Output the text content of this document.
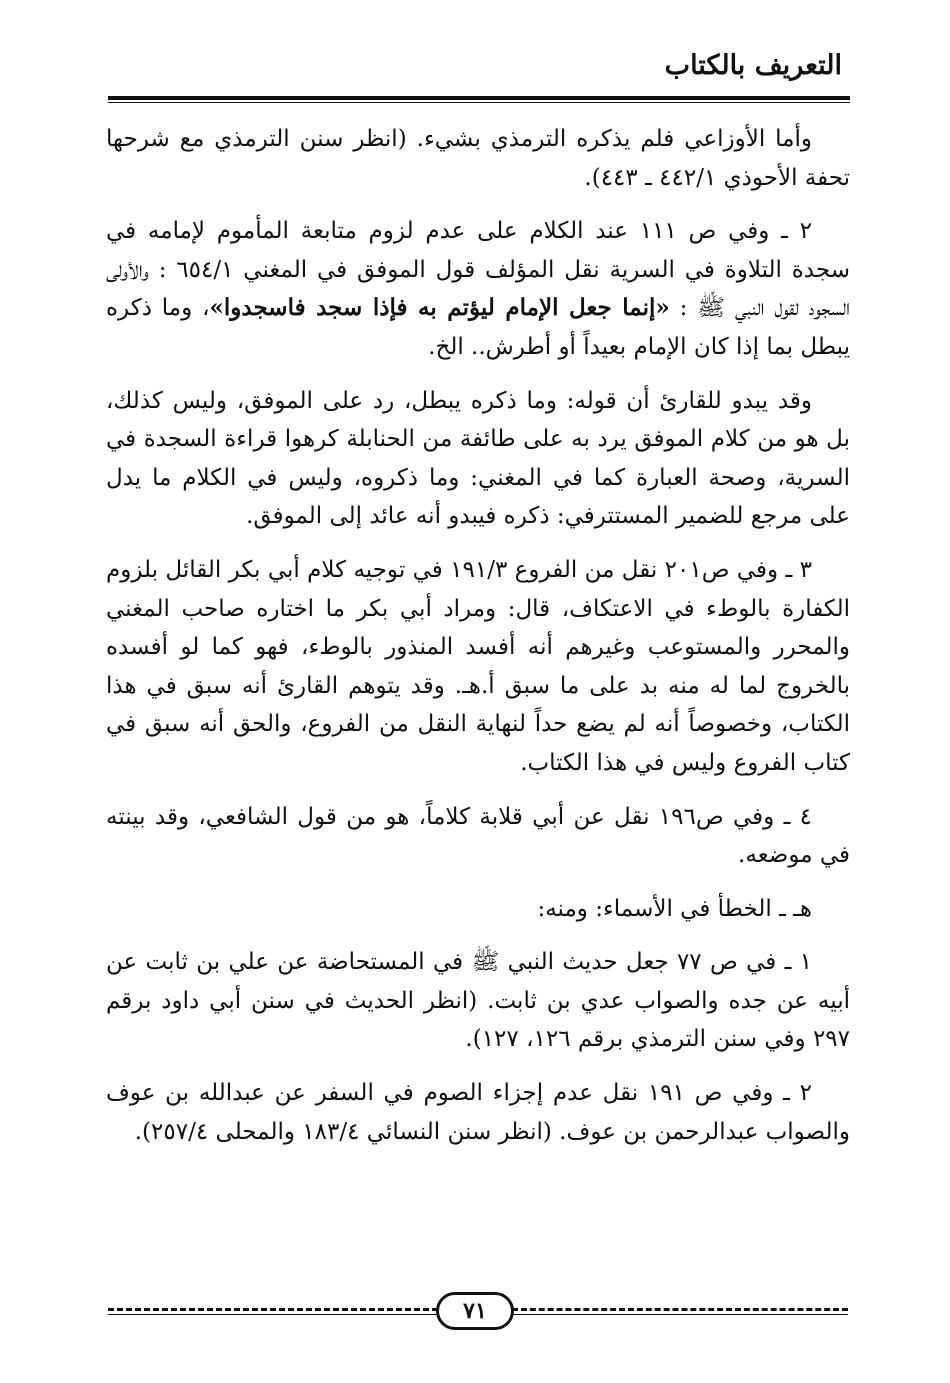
التعريف بالكتاب

وأما الأوزاعي فلم يذكره الترمذي بشيء. (انظر سنن الترمذي مع شرحها تحفة الأحوذي ٤٤٢/١ ـ ٤٤٣).

٢ ـ وفي ص ١١١ عند الكلام على عدم لزوم متابعة المأموم لإمامه في سجدة التلاوة في السرية نقل المؤلف قول الموفق في المغني ٦٥٤/١ : والأولى السجود لقول النبي ﷺ : «إنما جعل الإمام ليؤتم به فإذا سجد فاسجدوا»، وما ذكره يبطل بما إذا كان الإمام بعيداً أو أطرش.. الخ.

وقد يبدو للقارئ أن قوله: وما ذكره يبطل، رد على الموفق، وليس كذلك، بل هو من كلام الموفق يرد به على طائفة من الحنابلة كرهوا قراءة السجدة في السرية، وصحة العبارة كما في المغني: وما ذكروه، وليس في الكلام ما يدل على مرجع للضمير المستترفي: ذكره فيبدو أنه عائد إلى الموفق.

٣ ـ وفي ص٢٠١ نقل من الفروع ١٩١/٣ في توجيه كلام أبي بكر القائل بلزوم الكفارة بالوطء في الاعتكاف، قال: ومراد أبي بكر ما اختاره صاحب المغني والمحرر والمستوعب وغيرهم أنه أفسد المنذور بالوطء، فهو كما لو أفسده بالخروج لما له منه بد على ما سبق أ.هـ. وقد يتوهم القارئ أنه سبق في هذا الكتاب، وخصوصاً أنه لم يضع حداً لنهاية النقل من الفروع، والحق أنه سبق في كتاب الفروع وليس في هذا الكتاب.

٤ ـ وفي ص١٩٦ نقل عن أبي قلابة كلاماً، هو من قول الشافعي، وقد بينته في موضعه.

هـ ـ الخطأ في الأسماء: ومنه:

١ ـ في ص ٧٧ جعل حديث النبي ﷺ في المستحاضة عن علي بن ثابت عن أبيه عن جده والصواب عدي بن ثابت. (انظر الحديث في سنن أبي داود برقم ٢٩٧ وفي سنن الترمذي برقم ١٢٦، ١٢٧).

٢ ـ وفي ص ١٩١ نقل عدم إجزاء الصوم في السفر عن عبدالله بن عوف والصواب عبدالرحمن بن عوف. (انظر سنن النسائي ١٨٣/٤ والمحلى ٢٥٧/٤).

٧١
